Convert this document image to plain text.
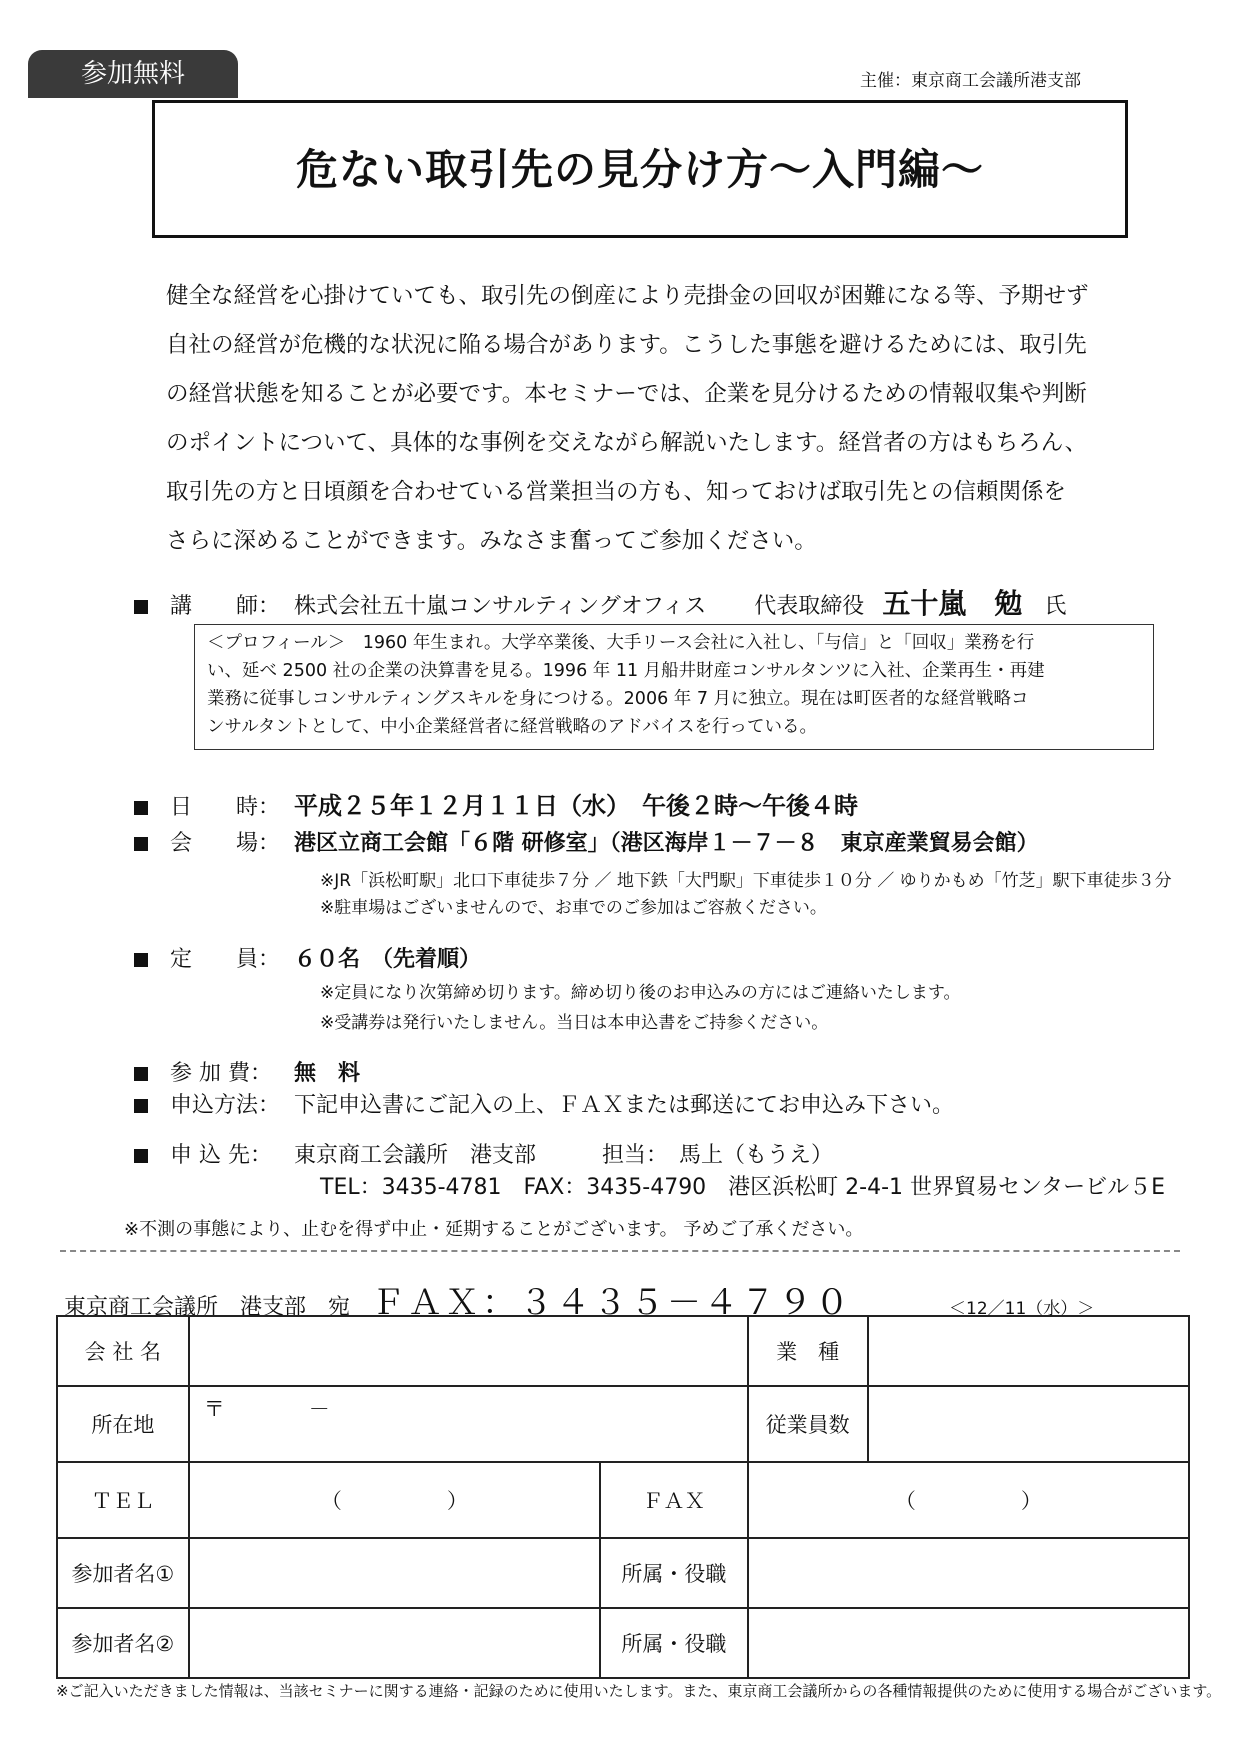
参加無料	主催：東京商工会議所港支部
危ない取引先の見分け方～入門編～

健全な経営を心掛けていても、取引先の倒産により売掛金の回収が困難になる等、予期せず

自社の経営が危機的な状況に陥る場合があります。こうした事態を避けるためには、取引先

の経営状態を知ることが必要です。本セミナーでは、企業を見分けるための情報収集や判断

のポイントについて、具体的な事例を交えながら解説いたします。経営者の方はもちろん、

取引先の方と日頃顔を合わせている営業担当の方も、知っておけば取引先との信頼関係を

さらに深めることができます。みなさま奮ってご参加ください。

講　　師： 株式会社五十嵐コンサルティングオフィス 代表取締役 五十嵐　勉 氏

＜プロフィール＞　1960 年生まれ。大学卒業後、大手リース会社に入社し、「与信」と「回収」業務を行

い、延べ 2500 社の企業の決算書を見る。1996 年 11 月船井財産コンサルタンツに入社、企業再生・再建

業務に従事しコンサルティングスキルを身につける。2006 年 7 月に独立。現在は町医者的な経営戦略コ

ンサルタントとして、中小企業経営者に経営戦略のアドバイスを行っている。

日　　時： 平成２５年１２月１１日（水）　午後２時～午後４時
会　　場： 港区立商工会館「６階 研修室」（港区海岸１－７－８　東京産業貿易会館）
※JR「浜松町駅」北口下車徒歩７分 ／ 地下鉄「大門駅」下車徒歩１０分 ／ ゆりかもめ「竹芝」駅下車徒歩３分
※駐車場はございませんので、お車でのご参加はご容赦ください。
定　　員： ６０名　（先着順）
※定員になり次第締め切ります。締め切り後のお申込みの方にはご連絡いたします。
※受講券は発行いたしません。当日は本申込書をご持参ください。
参 加 費： 無　料
申込方法： 下記申込書にご記入の上、ＦＡＸまたは郵送にてお申込み下さい。
申 込 先： 東京商工会議所　港支部　　　担当：　馬上（もうえ）
TEL：3435-4781　FAX：3435-4790　港区浜松町 2-4-1 世界貿易センタービル５E
※不測の事態により、止むを得ず中止・延期することがございます。 予めご了承ください。
東京商工会議所　港支部　宛 ＦＡＸ：３４３５－４７９０	＜12／11（水）＞
会 社 名			業　種	
所在地	〒　　　　－		従業員数	
ＴＥＬ	（　　　　　）	ＦＡＸ	（　　　　　）	
参加者名①		所属・役職		
参加者名②		所属・役職		
※ご記入いただきました情報は、当該セミナーに関する連絡・記録のために使用いたします。また、東京商工会議所からの各種情報提供のために使用する場合がございます。
